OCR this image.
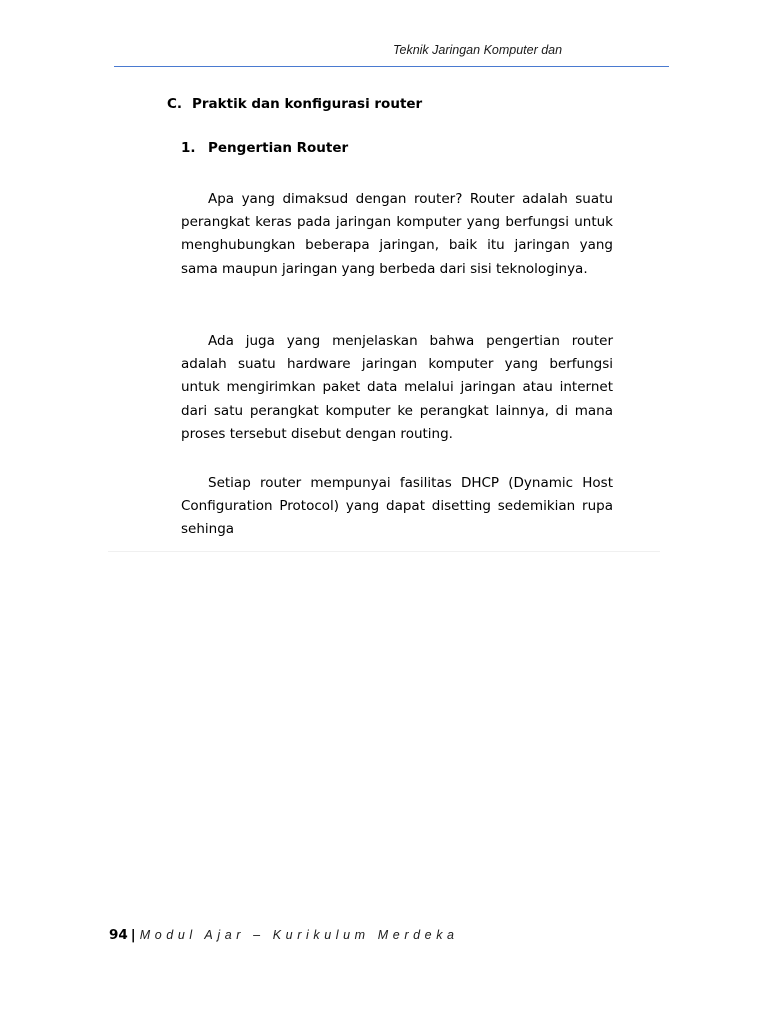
Teknik Jaringan Komputer dan
C. Praktik dan konfigurasi router
1. Pengertian Router

Apa yang dimaksud dengan router? Router adalah suatu perangkat keras pada jaringan komputer yang berfungsi untuk menghubungkan beberapa jaringan, baik itu jaringan yang sama maupun jaringan yang berbeda dari sisi teknologinya.

Ada juga yang menjelaskan bahwa pengertian router adalah suatu hardware jaringan komputer yang berfungsi untuk mengirimkan paket data melalui jaringan atau internet dari satu perangkat komputer ke perangkat lainnya, di mana proses tersebut disebut dengan routing.

Setiap router mempunyai fasilitas DHCP (Dynamic Host Configuration Protocol) yang dapat disetting sedemikian rupa sehinga

94 | Modul Ajar – Kurikulum Merdeka
